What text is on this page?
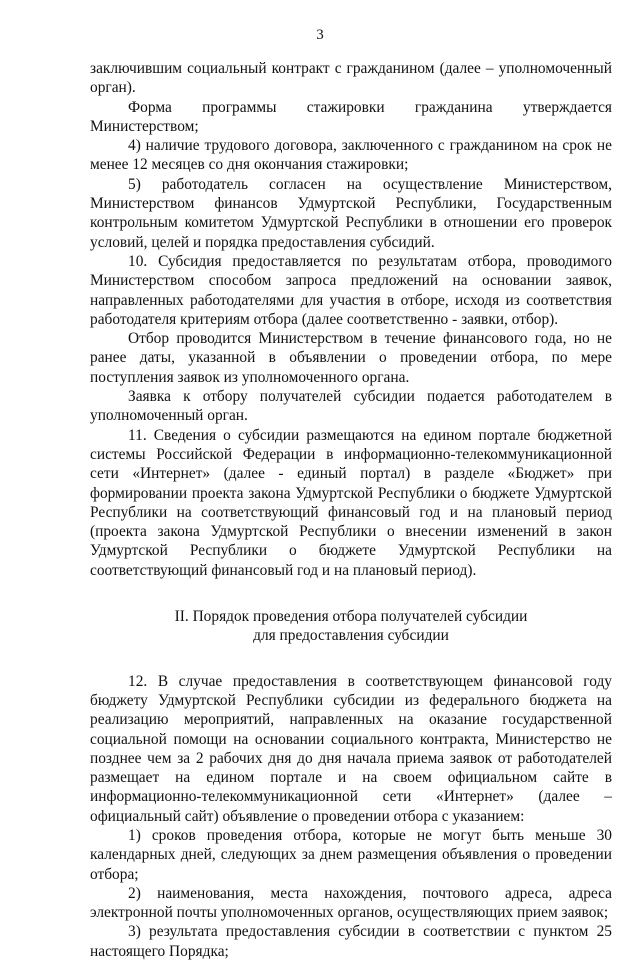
3

заключившим социальный контракт с гражданином (далее – уполномоченный орган).

Форма программы стажировки гражданина утверждается Министерством;

4) наличие трудового договора, заключенного с гражданином на срок не менее 12 месяцев со дня окончания стажировки;

5) работодатель согласен на осуществление Министерством, Министерством финансов Удмуртской Республики, Государственным контрольным комитетом Удмуртской Республики в отношении его проверок условий, целей и порядка предоставления субсидий.

10. Субсидия предоставляется по результатам отбора, проводимого Министерством способом запроса предложений на основании заявок, направленных работодателями для участия в отборе, исходя из соответствия работодателя критериям отбора (далее соответственно - заявки, отбор).

Отбор проводится Министерством в течение финансового года, но не ранее даты, указанной в объявлении о проведении отбора, по мере поступления заявок из уполномоченного органа.

Заявка к отбору получателей субсидии подается работодателем в уполномоченный орган.

11. Сведения о субсидии размещаются на едином портале бюджетной системы Российской Федерации в информационно-телекоммуникационной сети «Интернет» (далее - единый портал) в разделе «Бюджет» при формировании проекта закона Удмуртской Республики о бюджете Удмуртской Республики на соответствующий финансовый год и на плановый период (проекта закона Удмуртской Республики о внесении изменений в закон Удмуртской Республики о бюджете Удмуртской Республики на соответствующий финансовый год и на плановый период).

II. Порядок проведения отбора получателей субсидии
для предоставления субсидии

12. В случае предоставления в соответствующем финансовой году бюджету Удмуртской Республики субсидии из федерального бюджета на реализацию мероприятий, направленных на оказание государственной социальной помощи на основании социального контракта, Министерство не позднее чем за 2 рабочих дня до дня начала приема заявок от работодателей размещает на едином портале и на своем официальном сайте в информационно-телекоммуникационной сети «Интернет» (далее – официальный сайт) объявление о проведении отбора с указанием:

1) сроков проведения отбора, которые не могут быть меньше 30 календарных дней, следующих за днем размещения объявления о проведении отбора;

2) наименования, места нахождения, почтового адреса, адреса электронной почты уполномоченных органов, осуществляющих прием заявок;

3) результата предоставления субсидии в соответствии с пунктом 25 настоящего Порядка;
